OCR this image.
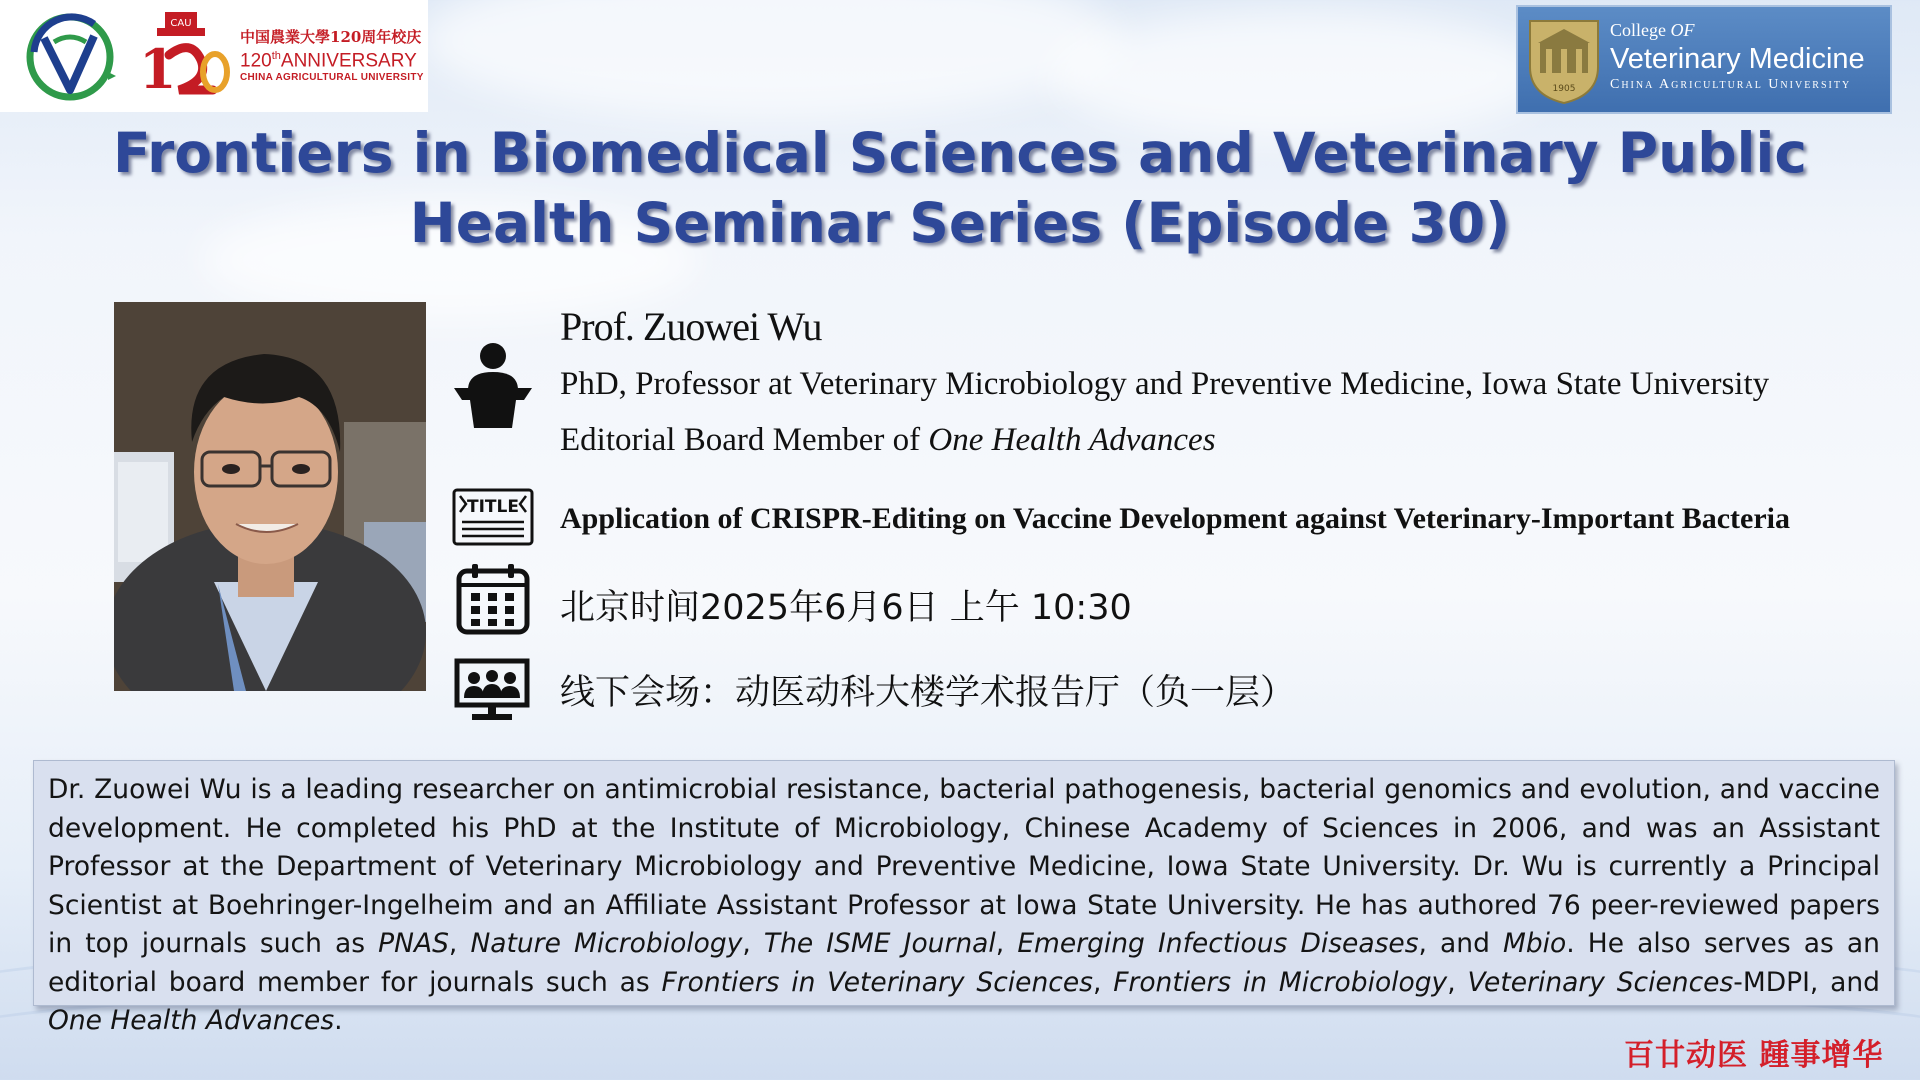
CAU
1	中国農業大學120周年校庆
120thANNIVERSARY
CHINA AGRICULTURAL UNIVERSITY
1905
College OF
Veterinary Medicine
China Agricultural University
Frontiers in Biomedical Sciences and Veterinary Public
Health Seminar Series (Episode 30)
Prof. Zuowei Wu
PhD, Professor at Veterinary Microbiology and Preventive Medicine, Iowa State University
Editorial Board Member of One Health Advances
TITLE Application of CRISPR-Editing on Vaccine Development against Veterinary-Important Bacteria
北京时间2025年6月6日 上午 10:30
线下会场：动医动科大楼学术报告厅（负一层）
Dr. Zuowei Wu is a leading researcher on antimicrobial resistance, bacterial pathogenesis, bacterial genomics and evolution, and vaccine development. He completed his PhD at the Institute of Microbiology, Chinese Academy of Sciences in 2006, and was an Assistant Professor at the Department of Veterinary Microbiology and Preventive Medicine, Iowa State University. Dr. Wu is currently a Principal Scientist at Boehringer-Ingelheim and an Affiliate Assistant Professor at Iowa State University. He has authored 76 peer-reviewed papers in top journals such as PNAS, Nature Microbiology, The ISME Journal, Emerging Infectious Diseases, and Mbio. He also serves as an editorial board member for journals such as Frontiers in Veterinary Sciences, Frontiers in Microbiology, Veterinary Sciences-MDPI, and One Health Advances.
百廿动医 踵事增华
